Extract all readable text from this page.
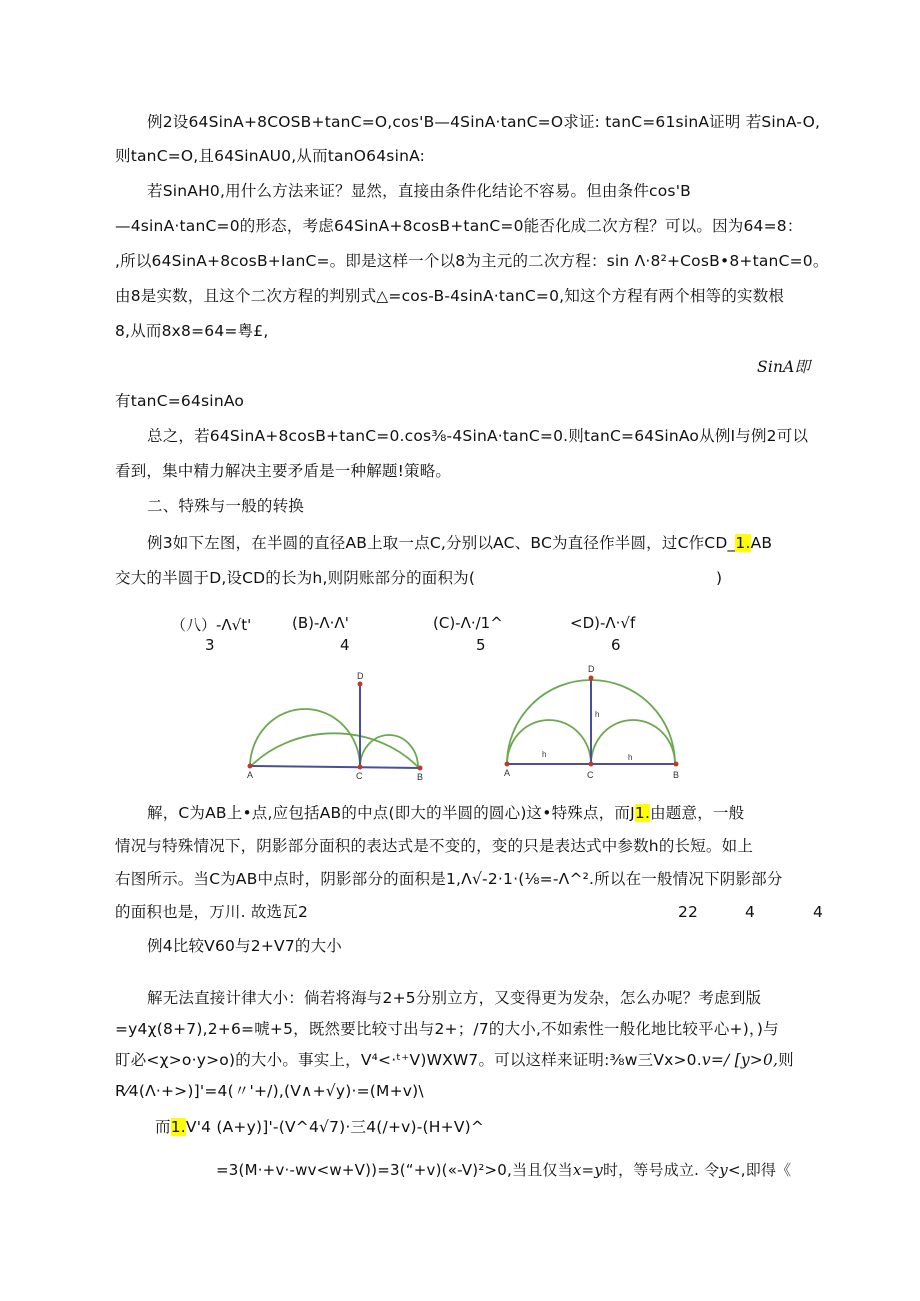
例2设64SinA+8COSB+tanC=O,cos'B—4SinA·tanC=O求证: tanC=61sinA证明 若SinA-O,
则tanC=O,且64SinAU0,从而tanO64sinA:
若SinAH0,用什么方法来证？显然，直接由条件化结论不容易。但由条件cos'B
—4sinA·tanC=0的形态，考虑64SinA+8cosB+tanC=0能否化成二次方程？可以。因为64=8：
,所以64SinA+8cosB+IanC=。即是这样一个以8为主元的二次方程：sin Λ·8²+CosB•8+tanC=0。
由8是实数，且这个二次方程的判别式△=cos-B-4sinA·tanC=0,知这个方程有两个相等的实数根
8,从而8x8=64=粤£,
SinA即
有tanC=64sinAo
总之，若64SinA+8cosB+tanC=0.cos⅜-4SinA·tanC=0.则tanC=64SinAo从例I与例2可以
看到，集中精力解决主要矛盾是一种解题!策略。
二、特殊与一般的转换
例3如下左图，在半圆的直径AB上取一点C,分别以AC、BC为直径作半圆，过C作CD_1.AB
交大的半圆于D,设CD的长为h,则阴账部分的面积为(	)
（八）-Λ√t'	(B)-Λ·Λ'	(C)-Λ·/1^	<D)-Λ·√f
3	4	5	6
D
A	C	B
D
h
h	h
A	C	B
解，C为AB上•点,应包括AB的中点(即大的半圆的圆心)这•特殊点，而J1.由题意，一般
情况与特殊情况下，阴影部分面积的表达式是不变的，变的只是表达式中参数h的长短。如上
右图所示。当C为AB中点时，阴影部分的面积是1,Λ√-2·1·(⅛=-Λ^².所以在一般情况下阴影部分
的面积也是，万川. 故选瓦2	22	4	4
例4比较V60与2+V7的大小
解无法直接计律大小：倘若将海与2+5分别立方，又变得更为发杂，怎么办呢？考虑到版
=y4χ(8+7),2+6=唬+5，既然要比较寸出与2+；/7的大小,不如索性一般化地比较平心+)，)与
盯必<χ>o·y>o)的大小。事实上，V⁴<·ᵗ⁺V)WXW7。可以这样来证明:⅜w三Vx>0.v=∕ [y>0,则
R⁄4(Λ·+>)]'=4(〃'+/),(V∧+√y)·=(M+v)\
而1.V'4 (A+y)]'-(V^4√7)·三4(/+v)-(H+V)^
=3(M·+v·-wv<w+V))=3(“+v)(«-V)²>0,当且仅当x=y时，等号成立. 令y<,即得《
